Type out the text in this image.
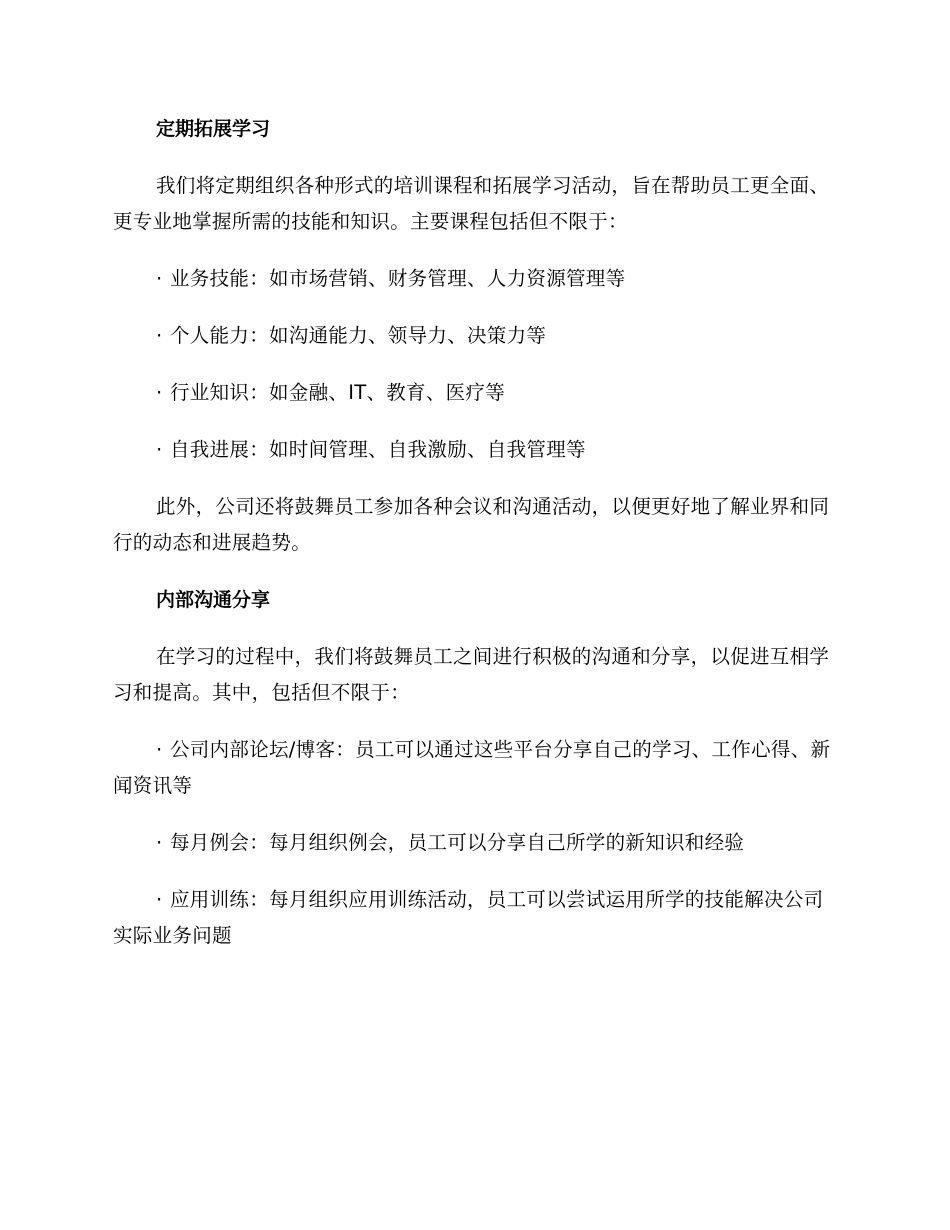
定期拓展学习
我们将定期组织各种形式的培训课程和拓展学习活动，旨在帮助员工更全面、更专业地掌握所需的技能和知识。主要课程包括但不限于：
· 业务技能：如市场营销、财务管理、人力资源管理等
· 个人能力：如沟通能力、领导力、决策力等
· 行业知识：如金融、IT、教育、医疗等
· 自我进展：如时间管理、自我激励、自我管理等
此外，公司还将鼓舞员工参加各种会议和沟通活动，以便更好地了解业界和同行的动态和进展趋势。
内部沟通分享
在学习的过程中，我们将鼓舞员工之间进行积极的沟通和分享，以促进互相学习和提高。其中，包括但不限于：
· 公司内部论坛/博客：员工可以通过这些平台分享自己的学习、工作心得、新闻资讯等
· 每月例会：每月组织例会，员工可以分享自己所学的新知识和经验
· 应用训练：每月组织应用训练活动，员工可以尝试运用所学的技能解决公司实际业务问题
